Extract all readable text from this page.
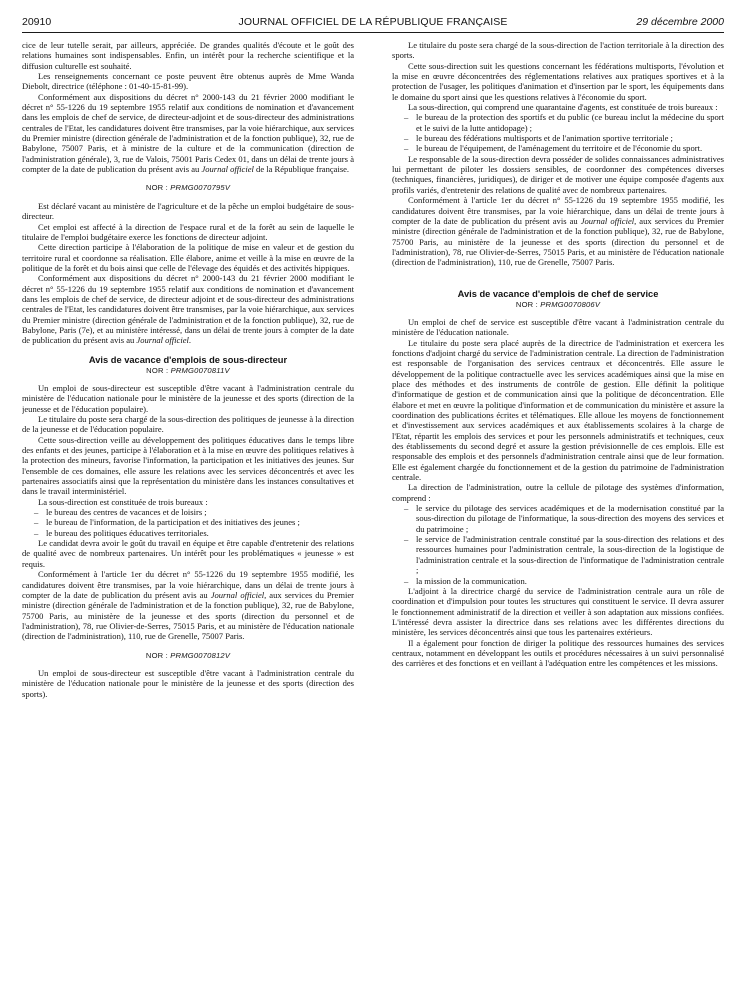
20910	JOURNAL OFFICIEL DE LA RÉPUBLIQUE FRANÇAISE	29 décembre 2000

cice de leur tutelle serait, par ailleurs, appréciée. De grandes qualités d'écoute et le goût des relations humaines sont indispensables. Enfin, un intérêt pour la recherche scientifique et la diffusion culturelle est souhaité.

Les renseignements concernant ce poste peuvent être obtenus auprès de Mme Wanda Diebolt, directrice (téléphone : 01-40-15-81-99).

Conformément aux dispositions du décret n° 2000-143 du 21 février 2000 modifiant le décret n° 55-1226 du 19 septembre 1955 relatif aux conditions de nomination et d'avancement dans les emplois de chef de service, de directeur-adjoint et de sous-directeur des administrations centrales de l'Etat, les candidatures doivent être transmises, par la voie hiérarchique, aux services du Premier ministre (direction générale de l'administration et de la fonction publique), 32, rue de Babylone, 75007 Paris, et à ministre de la culture et de la communication (direction de l'administration générale), 3, rue de Valois, 75001 Paris Cedex 01, dans un délai de trente jours à compter de la date de publication du présent avis au Journal officiel de la République française.

NOR : PRMG0070795V

Est déclaré vacant au ministère de l'agriculture et de la pêche un emploi budgétaire de sous-directeur.

Cet emploi est affecté à la direction de l'espace rural et de la forêt au sein de laquelle le titulaire de l'emploi budgétaire exerce les fonctions de directeur adjoint.

Cette direction participe à l'élaboration de la politique de mise en valeur et de gestion du territoire rural et coordonne sa réalisation. Elle élabore, anime et veille à la mise en œuvre de la politique de la forêt et du bois ainsi que celle de l'élevage des équidés et des activités hippiques.

Conformément aux dispositions du décret n° 2000-143 du 21 février 2000 modifiant le décret n° 55-1226 du 19 septembre 1955 relatif aux conditions de nomination et d'avancement dans les emplois de chef de service, de directeur adjoint et de sous-directeur des administrations centrales de l'Etat, les candidatures doivent être transmises, par la voie hiérarchique, aux services du Premier ministre (direction générale de l'administration et de la fonction publique), 32, rue de Babylone, Paris (7e), et au ministère intéressé, dans un délai de trente jours à compter de la date de publication du présent avis au Journal officiel.

Avis de vacance d'emplois de sous-directeur

NOR : PRMG0070811V

Un emploi de sous-directeur est susceptible d'être vacant à l'administration centrale du ministère de l'éducation nationale pour le ministère de la jeunesse et des sports (direction de la jeunesse et de l'éducation populaire).

Le titulaire du poste sera chargé de la sous-direction des politiques de jeunesse à la direction de la jeunesse et de l'éducation populaire.

Cette sous-direction veille au développement des politiques éducatives dans le temps libre des enfants et des jeunes, participe à l'élaboration et à la mise en œuvre des politiques relatives à la protection des mineurs, favorise l'information, la participation et les initiatives des jeunes. Sur l'ensemble de ces domaines, elle assure les relations avec les services déconcentrés et avec les partenaires associatifs ainsi que la représentation du ministère dans les instances consultatives et dans le travail interministériel.

La sous-direction est constituée de trois bureaux :

– le bureau des centres de vacances et de loisirs ;
– le bureau de l'information, de la participation et des initiatives des jeunes ;
– le bureau des politiques éducatives territoriales.

Le candidat devra avoir le goût du travail en équipe et être capable d'entretenir des relations de qualité avec de nombreux partenaires. Un intérêt pour les problématiques « jeunesse » est requis.

Conformément à l'article 1er du décret n° 55-1226 du 19 septembre 1955 modifié, les candidatures doivent être transmises, par la voie hiérarchique, dans un délai de trente jours à compter de la date de publication du présent avis au Journal officiel, aux services du Premier ministre (direction générale de l'administration et de la fonction publique), 32, rue de Babylone, 75700 Paris, au ministère de la jeunesse et des sports (direction du personnel et de l'administration), 78, rue Olivier-de-Serres, 75015 Paris, et au ministère de l'éducation nationale (direction de l'administration), 110, rue de Grenelle, 75007 Paris.

NOR : PRMG0070812V

Un emploi de sous-directeur est susceptible d'être vacant à l'administration centrale du ministère de l'éducation nationale pour le ministère de la jeunesse et des sports (direction des sports).

Le titulaire du poste sera chargé de la sous-direction de l'action territoriale à la direction des sports.

Cette sous-direction suit les questions concernant les fédérations multisports, l'évolution et la mise en œuvre déconcentrées des réglementations relatives aux pratiques sportives et à la protection de l'usager, les politiques d'animation et d'insertion par le sport, les équipements dans le domaine du sport ainsi que les questions relatives à l'économie du sport.

La sous-direction, qui comprend une quarantaine d'agents, est constituée de trois bureaux :

– le bureau de la protection des sportifs et du public (ce bureau inclut la médecine du sport et le suivi de la lutte antidopage) ;
– le bureau des fédérations multisports et de l'animation sportive territoriale ;
– le bureau de l'équipement, de l'aménagement du territoire et de l'économie du sport.

Le responsable de la sous-direction devra posséder de solides connaissances administratives lui permettant de piloter les dossiers sensibles, de coordonner des compétences diverses (techniques, financières, juridiques), de diriger et de motiver une équipe composée d'agents aux profils variés, d'entretenir des relations de qualité avec de nombreux partenaires.

Conformément à l'article 1er du décret n° 55-1226 du 19 septembre 1955 modifié, les candidatures doivent être transmises, par la voie hiérarchique, dans un délai de trente jours à compter de la date de publication du présent avis au Journal officiel, aux services du Premier ministre (direction générale de l'administration et de la fonction publique), 32, rue de Babylone, 75700 Paris, au ministère de la jeunesse et des sports (direction du personnel et de l'administration), 78, rue Olivier-de-Serres, 75015 Paris, et au ministère de l'éducation nationale (direction de l'administration), 110, rue de Grenelle, 75007 Paris.

Avis de vacance d'emplois de chef de service

NOR : PRMG0070806V

Un emploi de chef de service est susceptible d'être vacant à l'administration centrale du ministère de l'éducation nationale.

Le titulaire du poste sera placé auprès de la directrice de l'administration et exercera les fonctions d'adjoint chargé du service de l'administration centrale. La direction de l'administration est responsable de l'organisation des services centraux et déconcentrés. Elle assure le développement de la politique contractuelle avec les services académiques ainsi que la mise en place des méthodes et des instruments de contrôle de gestion. Elle définit la politique d'informatique de gestion et de communication ainsi que la politique de déconcentration. Elle élabore et met en œuvre la politique d'information et de communication du ministère et assure la coordination des publications écrites et télématiques. Elle alloue les moyens de fonctionnement et d'investissement aux services académiques et aux établissements scolaires à la charge de l'Etat, répartit les emplois des services et pour les personnels administratifs et techniques, ceux des établissements du second degré et assure la gestion prévisionnelle de ces emplois. Elle est responsable des emplois et des personnels d'administration centrale ainsi que de leur formation. Elle est également chargée du fonctionnement et de la gestion du patrimoine de l'administration centrale.

La direction de l'administration, outre la cellule de pilotage des systèmes d'information, comprend :

– le service du pilotage des services académiques et de la modernisation constitué par la sous-direction du pilotage de l'informatique, la sous-direction des moyens des services et du patrimoine ;
– le service de l'administration centrale constitué par la sous-direction des relations et des ressources humaines pour l'administration centrale, la sous-direction de la logistique de l'administration centrale et la sous-direction de l'informatique de l'administration centrale ;
– la mission de la communication.

L'adjoint à la directrice chargé du service de l'administration centrale aura un rôle de coordination et d'impulsion pour toutes les structures qui constituent le service. Il devra assurer le fonctionnement administratif de la direction et veiller à son adaptation aux missions confiées. L'intéressé devra assister la directrice dans ses relations avec les différentes directions du ministère, les services déconcentrés ainsi que tous les partenaires extérieurs.

Il a également pour fonction de diriger la politique des ressources humaines des services centraux, notamment en développant les outils et procédures nécessaires à un suivi personnalisé des carrières et des fonctions et en veillant à l'adéquation entre les compétences et les missions.
